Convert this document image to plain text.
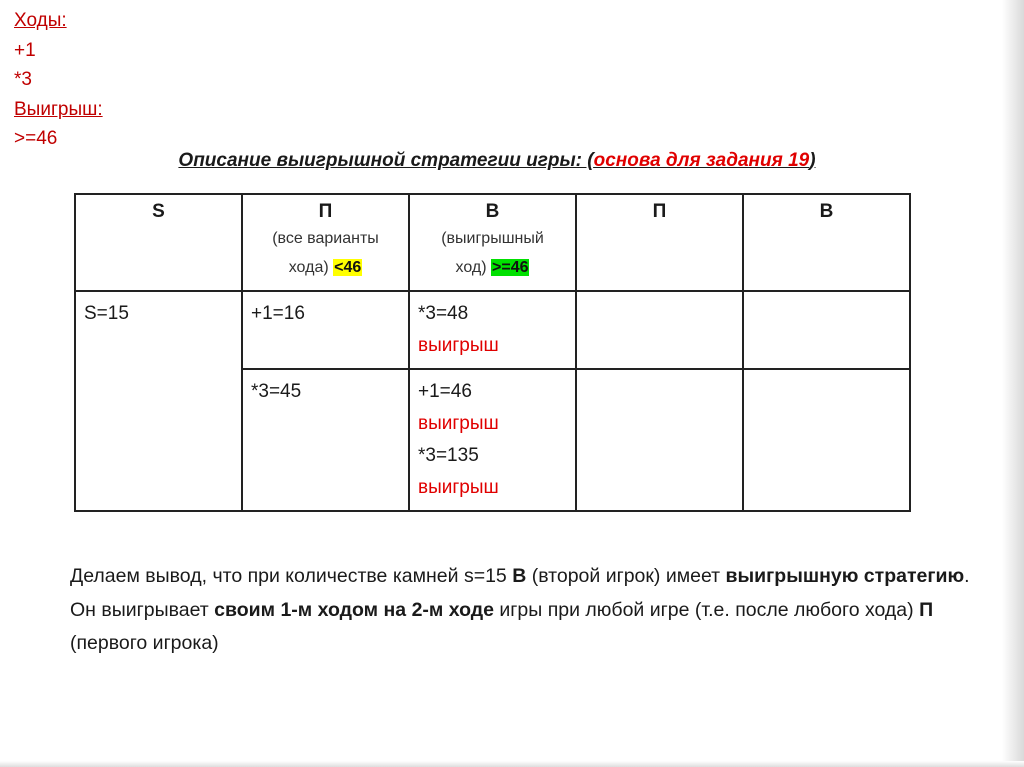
Ходы:
+1
*3
Выигрыш:
>=46
Описание выигрышной стратегии игры: (основа для задания 19)
S	П
(все варианты
хода) <46	В
(выигрышный
ход) >=46	П	В

S=15	+1=16	*3=48
выигрыш		

	*3=45	+1=46
выигрыш
*3=135
выигрыш		

Делаем вывод, что при количестве камней s=15 В (второй игрок) имеет выигрышную стратегию. Он выигрывает своим 1-м ходом на 2-м ходе игры при любой игре (т.е. после любого хода) П (первого игрока)
